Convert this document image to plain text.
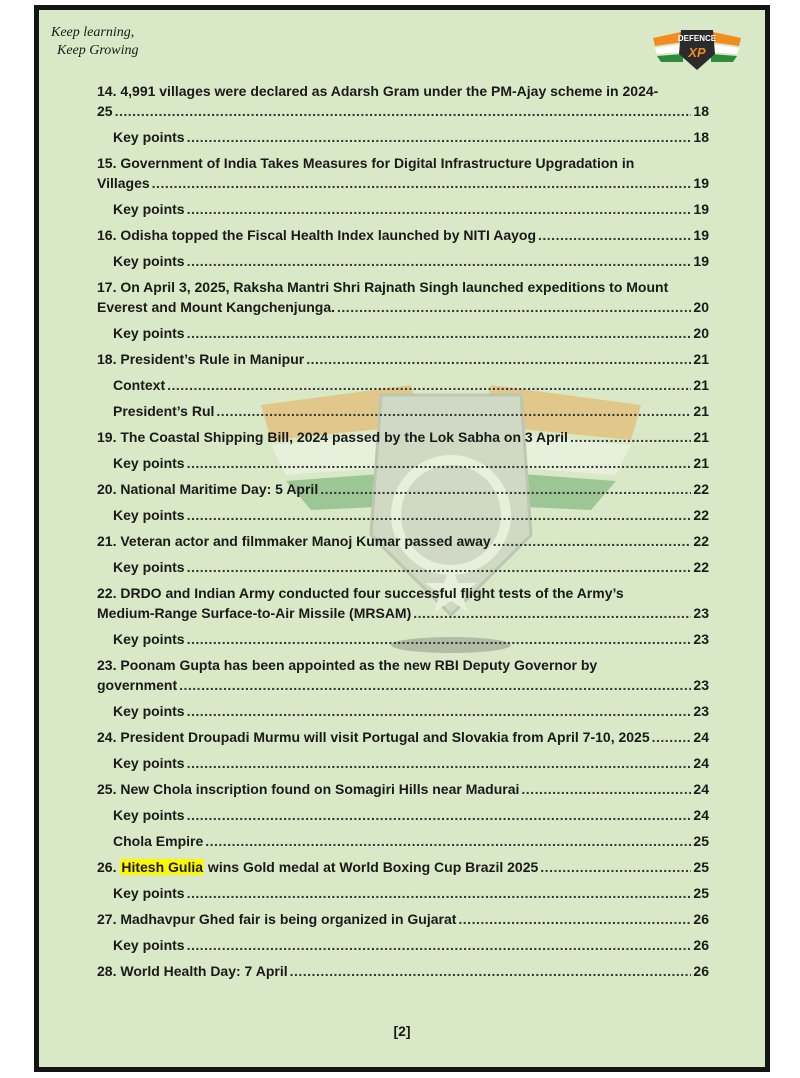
Keep learning,
Keep Growing
DEFENCE
XP
14. 4,991 villages were declared as Adarsh Gram under the PM-Ajay scheme in 2024-
25 .....	18
Key points .....	18
15. Government of India Takes Measures for Digital Infrastructure Upgradation in
Villages .....	19
Key points .....	19
16. Odisha topped the Fiscal Health Index launched by NITI Aayog .....	19
Key points .....	19
17. On April 3, 2025, Raksha Mantri Shri Rajnath Singh launched expeditions to Mount
Everest and Mount Kangchenjunga. .....	20
Key points .....	20
18. President’s Rule in Manipur .....	21
Context .....	21
President’s Rul .....	21
19. The Coastal Shipping Bill, 2024 passed by the Lok Sabha on 3 April .....	21
Key points .....	21
20. National Maritime Day: 5 April .....	22
Key points .....	22
21. Veteran actor and filmmaker Manoj Kumar passed away .....	22
Key points .....	22
22. DRDO and Indian Army conducted four successful flight tests of the Army’s
Medium-Range Surface-to-Air Missile (MRSAM) .....	23
Key points .....	23
23. Poonam Gupta has been appointed as the new RBI Deputy Governor by
government .....	23
Key points .....	23
24. President Droupadi Murmu will visit Portugal and Slovakia from April 7-10, 2025 .....	24
Key points .....	24
25. New Chola inscription found on Somagiri Hills near Madurai .....	24
Key points .....	24
Chola Empire .....	25
26. Hitesh Gulia wins Gold medal at World Boxing Cup Brazil 2025 .....	25
Key points .....	25
27. Madhavpur Ghed fair is being organized in Gujarat .....	26
Key points .....	26
28. World Health Day: 7 April .....	26
[2]
